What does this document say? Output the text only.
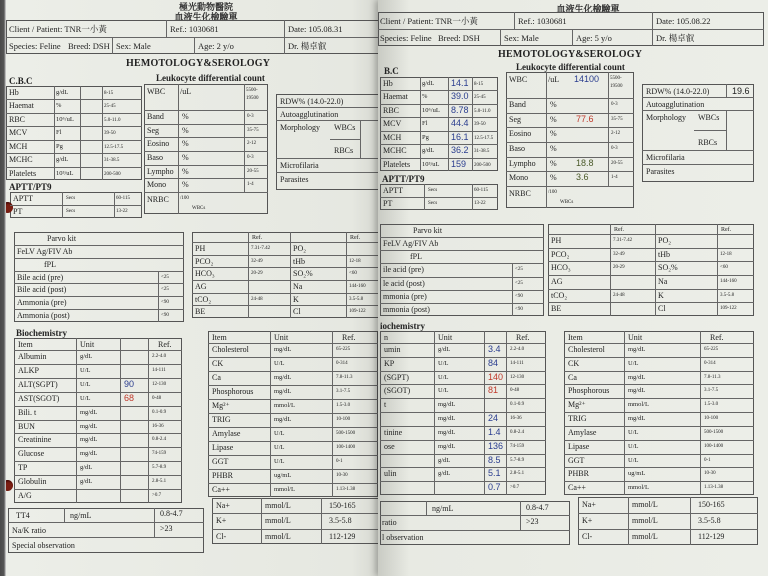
極光動物醫院
血液生化檢驗單
Client / Patient: TNR一小黃	Ref.: 1030681	Date: 105.08.31
Species: Feline Breed: DSH Sex: Male	Age: 2 y/o	Dr. 楊卓叡
HEMOTOLOGY&SEROLOGY
C.B.C	Leukocyte differential count
RDW% (14.0-22.0)
Autoagglutination
Morphology WBCs
RBCs
Microfilaria
Parasites
APTT/PT9
Biochemistry
TT4	ng/mL	0.8-4.7
Na/K ratio	>23
Special observation
Hb	g/dL	8-15
Haemat	%	25-45
RBC	10⁶/uL	5.0-11.0
MCV	Fl	39-50
MCH	Pg	12.5-17.5
MCHC	g/dL	31-38.5
Platelets	10³/uL	200-500
WBC /uL	5500-19500
Band %	0-3
Seg	%	35-75
Eosino %	2-12
Baso %	0-3
Lympho %	20-55
Mono %	1-4
NRBC /100
WBCs
APTT	Secs	60-115
PT	Secs	13-22
Parvo kit
FeLV Ag/FIV Ab
fPL
Bile acid (pre)	<25
Bile acid (post)	<25
Ammonia (pre)	<90
Ammonia (post)	<90
Ref.	Ref.
PH	7.31-7.42	PO₂
PCO₂	32-49	tHb	12-18
HCO₃	20-29	SO₂%	<60
AG	Na	144-160
tCO₂	24-48	K	3.5-5.8
BE	Cl	109-122
Item	Unit	Ref.
Albumin	g/dL	2.2-4.0
ALKP	U/L	14-111
ALT(SGPT)	U/L	90	12-130
AST(SGOT)	U/L	68	0-48
Bili. t	mg/dL	0.1-0.9
BUN	mg/dL	16-36
Creatinine	mg/dL	0.8-2.4
Glucose	mg/dL	74-159
TP	g/dL	5.7-8.9
Globulin	g/dL	2.8-5.1
A/G	>0.7
Item	Unit	Ref.
Cholesterol	mg/dL	65-225
CK	U/L	0-314
Ca	mg/dL	7.8-11.3
Phosphorous	mg/dL	3.1-7.5
Mg²⁺	mmol/L	1.5-3.0
TRIG	mg/dL	10-100
Amylase	U/L	500-1500
Lipase	U/L	100-1400
GGT	U/L	0-1
PHBR	ug/mL	10-30
Ca++	mmol/L	1.13-1.38
Na+	mmol/L	150-165
K+	mmol/L	3.5-5.8
Cl-	mmol/L	112-129
血液生化檢驗單
Client / Patient: TNR一小黃	Ref.: 1030681	Date: 105.08.22
Species: Feline Breed: DSH	Sex: Male	Age: 5 y/o	Dr. 楊卓叡
HEMOTOLOGY&SEROLOGY
B.C	Leukocyte differential count
RDW% (14.0-22.0)	19.6
Autoagglutination
Morphology WBCs
RBCs
Microfilaria
Parasites
APTT/PT9
iochemistry
ng/mL	0.8-4.7
ratio	>23
l observation
Hb	g/dL 14.1 8-15
Haemat %	39.0 25-45
RBC	10⁶/uL 8.78 5.0-11.0
MCV	Fl	44.4 39-50
MCH	Pg 16.1 12.5-17.5
MCHC g/dL 36.2 31-38.5
Platelets 10³/uL 159 200-500
WBC	/uL 14100 5500-19500
Band	%	0-3
Seg	% 77.6	35-75
Eosino %	2-12
Baso	%	0-3
Lympho % 18.8	20-55
Mono	% 3.6	1-4
NRBC	/100
WBCs
APTT	Secs	60-115
PT	Secs	13-22
Parvo kit
FeLV Ag/FIV Ab
fPL
ile acid (pre)	<25
le acid (post)	<25
mmonia (pre)	<90
mmonia (post)	<90
Ref.	Ref.
PH	7.31-7.42	PO₂
PCO₂	32-49	tHb	12-18
HCO₃	20-29	SO₂%	<60
AG	Na	144-160
tCO₂	24-48	K	3.5-5.8
BE	Cl	109-122
n	Unit	Ref.
umin	g/dL	3.4 2.2-4.0
KP	U/L	84 14-111
(SGPT)	U/L	140 12-130
(SGOT)	U/L	81 0-48
t	mg/dL	0.1-0.9
mg/dL	24 16-36
tinine	mg/dL	1.4 0.8-2.4
ose	mg/dL	136 74-159
g/dL	8.5 5.7-8.9
ulin	g/dL	5.1 2.8-5.1
0.7 >0.7
Item	Unit	Ref.
Cholesterol	mg/dL	65-225
CK	U/L	0-314
Ca	mg/dL	7.8-11.3
Phosphorous	mg/dL	3.1-7.5
Mg²⁺	mmol/L	1.5-3.0
TRIG	mg/dL	10-100
Amylase	U/L	500-1500
Lipase	U/L	100-1400
GGT	U/L	0-1
PHBR	ug/mL	10-30
Ca++	mmol/L	1.13-1.38
Na+	mmol/L	150-165
K+	mmol/L	3.5-5.8
Cl-	mmol/L	112-129
